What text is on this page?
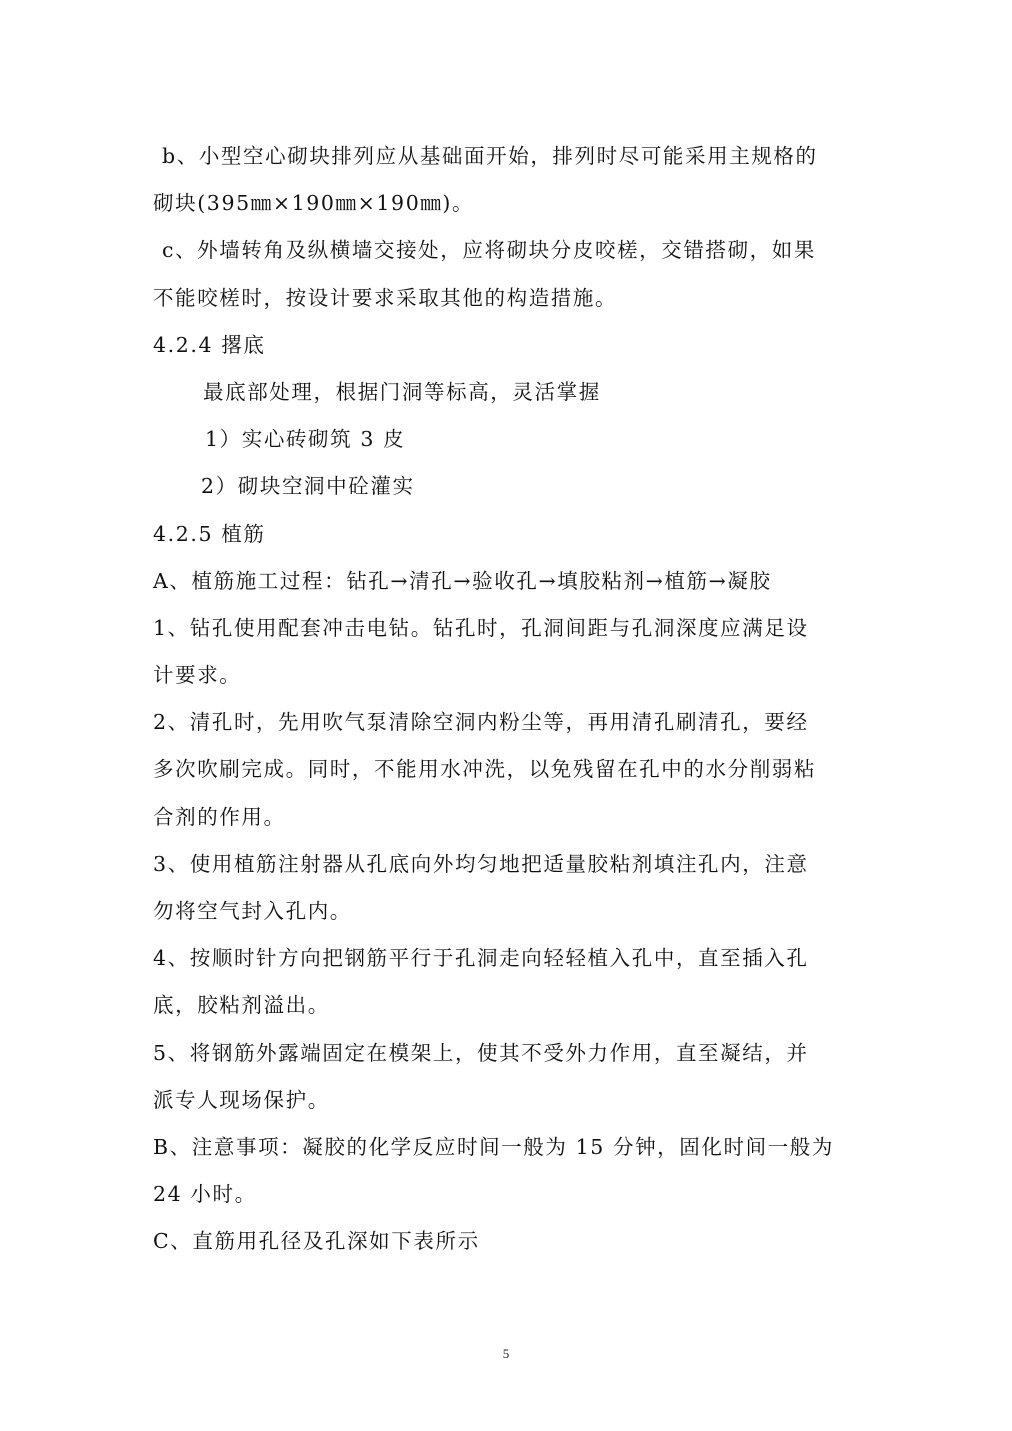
b、小型空心砌块排列应从基础面开始，排列时尽可能采用主规格的
砌块(395㎜×190㎜×190㎜)。
c、外墙转角及纵横墙交接处，应将砌块分皮咬槎，交错搭砌，如果
不能咬槎时，按设计要求采取其他的构造措施。
4.2.4 撂底
最底部处理，根据门洞等标高，灵活掌握
1）实心砖砌筑 3 皮
2）砌块空洞中砼灌实
4.2.5 植筋
A、植筋施工过程：钻孔→清孔→验收孔→填胶粘剂→植筋→凝胶
1、钻孔使用配套冲击电钻。钻孔时，孔洞间距与孔洞深度应满足设
计要求。
2、清孔时，先用吹气泵清除空洞内粉尘等，再用清孔刷清孔，要经
多次吹刷完成。同时，不能用水冲洗，以免残留在孔中的水分削弱粘
合剂的作用。
3、使用植筋注射器从孔底向外均匀地把适量胶粘剂填注孔内，注意
勿将空气封入孔内。
4、按顺时针方向把钢筋平行于孔洞走向轻轻植入孔中，直至插入孔
底，胶粘剂溢出。
5、将钢筋外露端固定在模架上，使其不受外力作用，直至凝结，并
派专人现场保护。
B、注意事项：凝胶的化学反应时间一般为 15 分钟，固化时间一般为
24 小时。
C、直筋用孔径及孔深如下表所示
5
